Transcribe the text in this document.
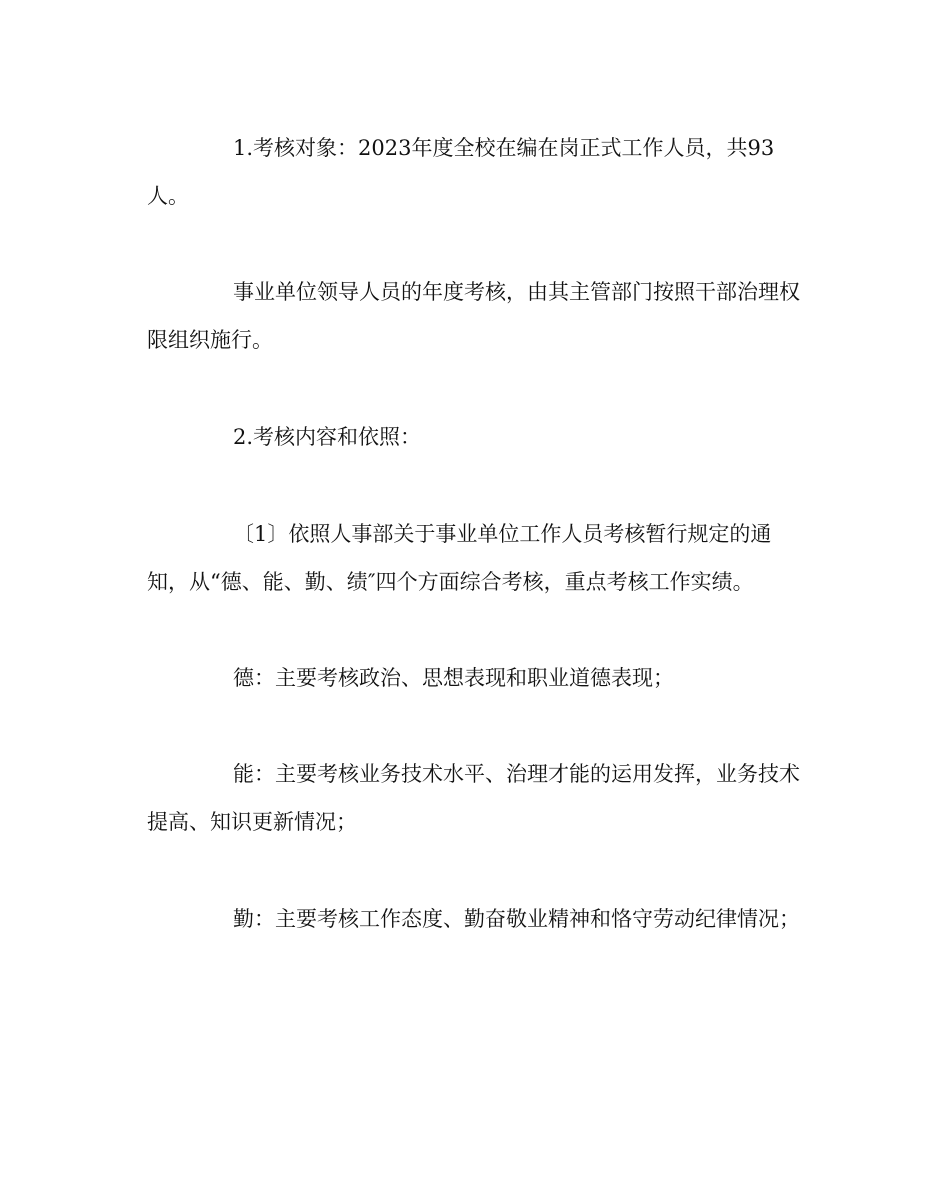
1.考核对象：2023年度全校在编在岗正式工作人员，共93人。

事业单位领导人员的年度考核，由其主管部门按照干部治理权限组织施行。

2.考核内容和依照：

〔1〕依照人事部关于事业单位工作人员考核暂行规定的通知，从“德、能、勤、绩″四个方面综合考核，重点考核工作实绩。

德：主要考核政治、思想表现和职业道德表现；

能：主要考核业务技术水平、治理才能的运用发挥，业务技术提高、知识更新情况；

勤：主要考核工作态度、勤奋敬业精神和恪守劳动纪律情况；
